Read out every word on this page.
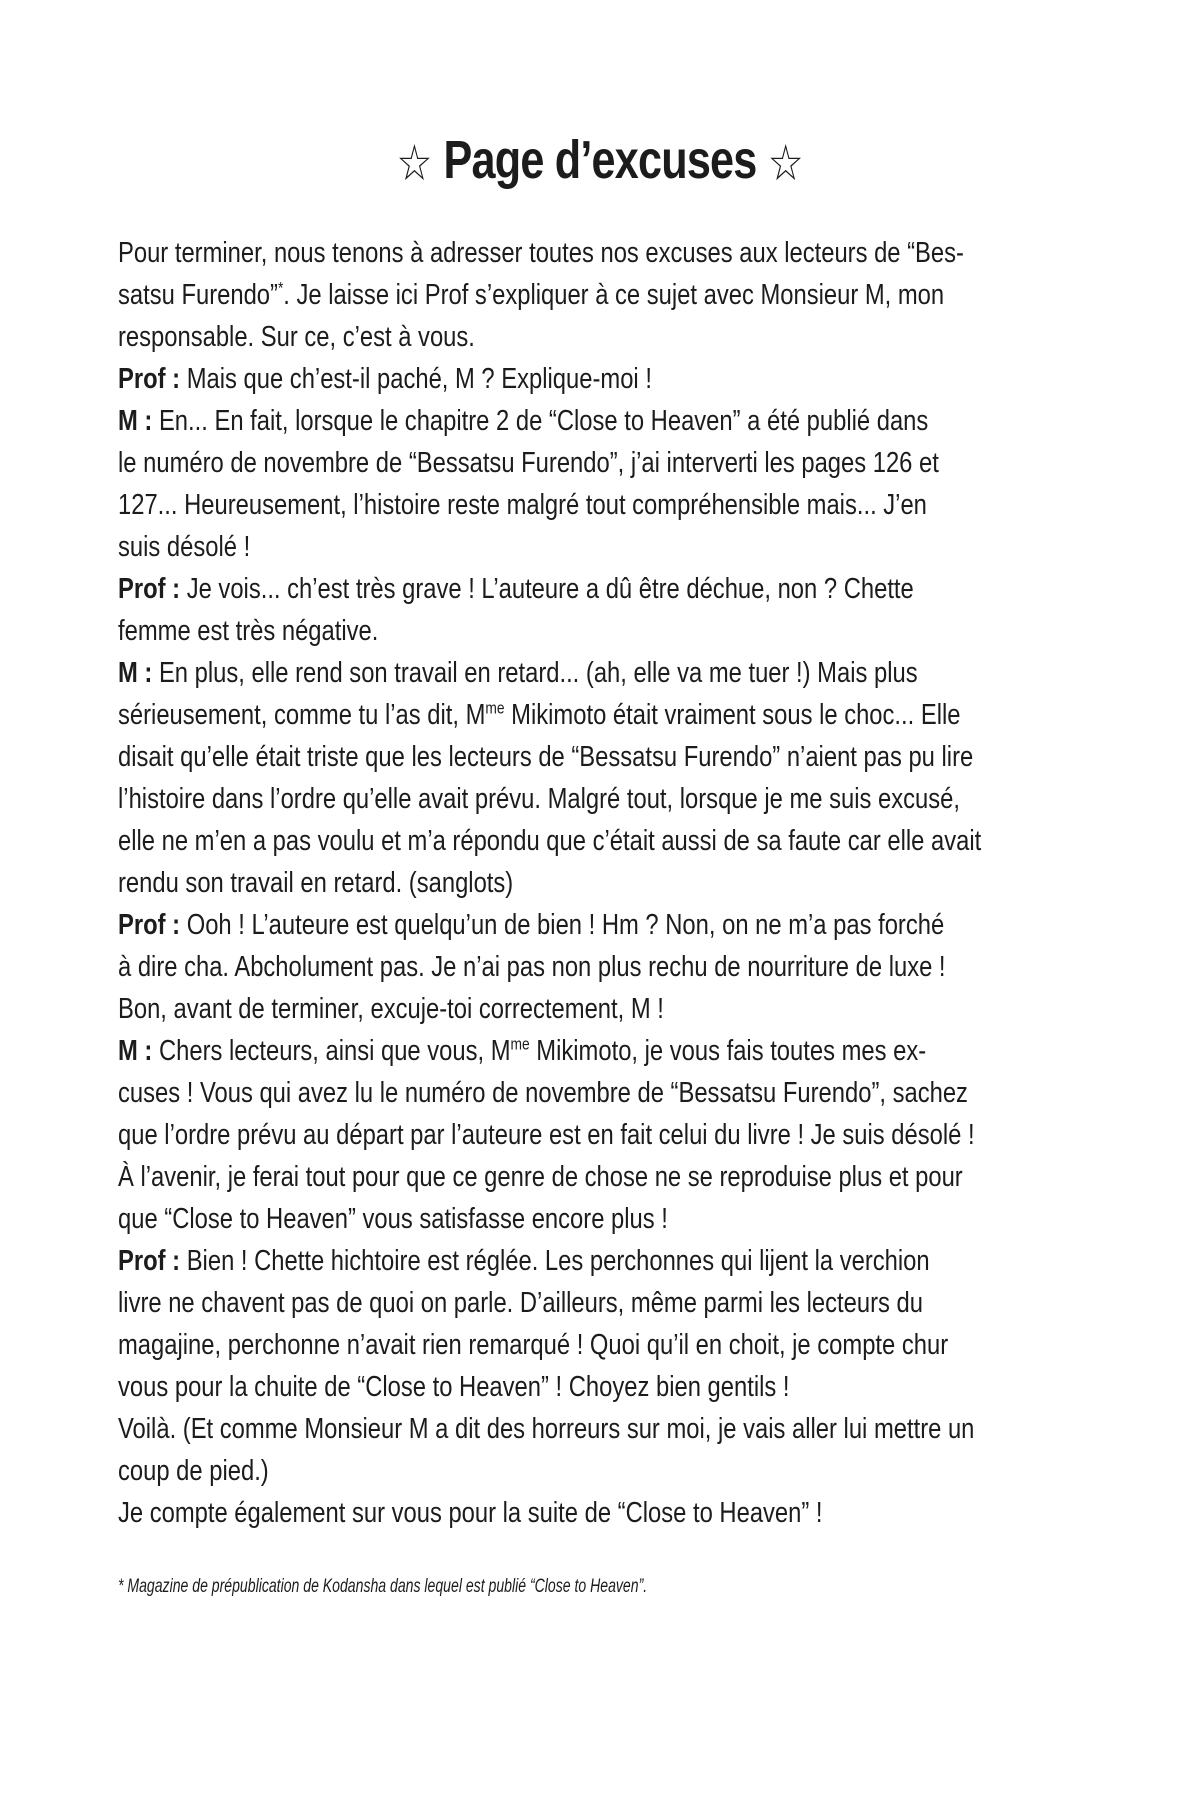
☆ Page d’excuses ☆
Pour terminer, nous tenons à adresser toutes nos excuses aux lecteurs de “Bes-
satsu Furendo”*. Je laisse ici Prof s’expliquer à ce sujet avec Monsieur M, mon
responsable. Sur ce, c’est à vous.
Prof : Mais que ch’est-il paché, M ? Explique-moi !
M : En... En fait, lorsque le chapitre 2 de “Close to Heaven” a été publié dans
le numéro de novembre de “Bessatsu Furendo”, j’ai interverti les pages 126 et
127... Heureusement, l’histoire reste malgré tout compréhensible mais... J’en
suis désolé !
Prof : Je vois... ch’est très grave ! L’auteure a dû être déchue, non ? Chette
femme est très négative.
M : En plus, elle rend son travail en retard... (ah, elle va me tuer !) Mais plus
sérieusement, comme tu l’as dit, $M^{me}$ Mikimoto était vraiment sous le choc... Elle
disait qu’elle était triste que les lecteurs de “Bessatsu Furendo” n’aient pas pu lire
l’histoire dans l’ordre qu’elle avait prévu. Malgré tout, lorsque je me suis excusé,
elle ne m’en a pas voulu et m’a répondu que c’était aussi de sa faute car elle avait
rendu son travail en retard. (sanglots)
Prof : Ooh ! L’auteure est quelqu’un de bien ! Hm ? Non, on ne m’a pas forché
à dire cha. Abcholument pas. Je n’ai pas non plus rechu de nourriture de luxe !
Bon, avant de terminer, excuje-toi correctement, M !
M : Chers lecteurs, ainsi que vous, $M^{me}$ Mikimoto, je vous fais toutes mes ex-
cuses ! Vous qui avez lu le numéro de novembre de “Bessatsu Furendo”, sachez
que l’ordre prévu au départ par l’auteure est en fait celui du livre ! Je suis désolé !
À l’avenir, je ferai tout pour que ce genre de chose ne se reproduise plus et pour
que “Close to Heaven” vous satisfasse encore plus !
Prof : Bien ! Chette hichtoire est réglée. Les perchonnes qui lijent la verchion
livre ne chavent pas de quoi on parle. D’ailleurs, même parmi les lecteurs du
magajine, perchonne n’avait rien remarqué ! Quoi qu’il en choit, je compte chur
vous pour la chuite de “Close to Heaven” ! Choyez bien gentils !
Voilà. (Et comme Monsieur M a dit des horreurs sur moi, je vais aller lui mettre un
coup de pied.)
Je compte également sur vous pour la suite de “Close to Heaven” !
* Magazine de prépublication de Kodansha dans lequel est publié “Close to Heaven”.
